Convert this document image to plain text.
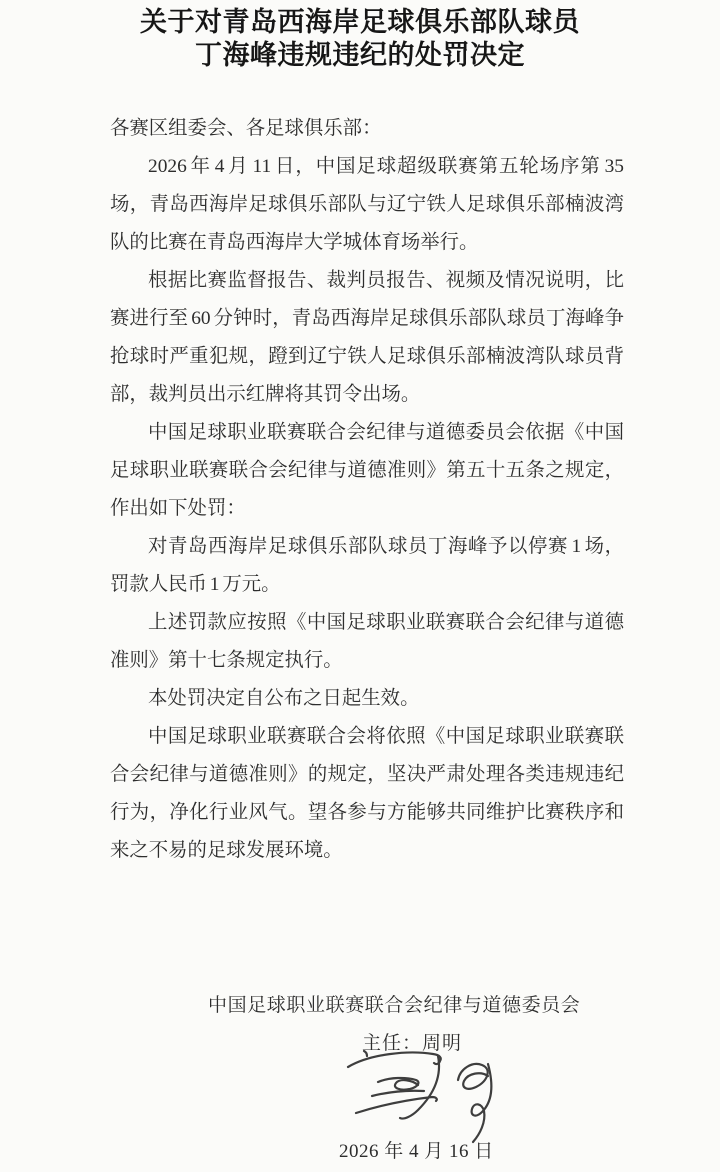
关于对青岛西海岸足球俱乐部队球员
丁海峰违规违纪的处罚决定

各赛区组委会、各足球俱乐部：

2026 年 4 月 11 日，中国足球超级联赛第五轮场序第 35 场，青岛西海岸足球俱乐部队与辽宁铁人足球俱乐部楠波湾队的比赛在青岛西海岸大学城体育场举行。

根据比赛监督报告、裁判员报告、视频及情况说明，比赛进行至 60 分钟时，青岛西海岸足球俱乐部队球员丁海峰争抢球时严重犯规，蹬到辽宁铁人足球俱乐部楠波湾队球员背部，裁判员出示红牌将其罚令出场。

中国足球职业联赛联合会纪律与道德委员会依据《中国足球职业联赛联合会纪律与道德准则》第五十五条之规定，作出如下处罚：

对青岛西海岸足球俱乐部队球员丁海峰予以停赛 1 场，罚款人民币 1 万元。

上述罚款应按照《中国足球职业联赛联合会纪律与道德准则》第十七条规定执行。

本处罚决定自公布之日起生效。

中国足球职业联赛联合会将依照《中国足球职业联赛联合会纪律与道德准则》的规定，坚决严肃处理各类违规违纪行为，净化行业风气。望各参与方能够共同维护比赛秩序和来之不易的足球发展环境。

中国足球职业联赛联合会纪律与道德委员会
主任：周明
2026 年 4 月 16 日
